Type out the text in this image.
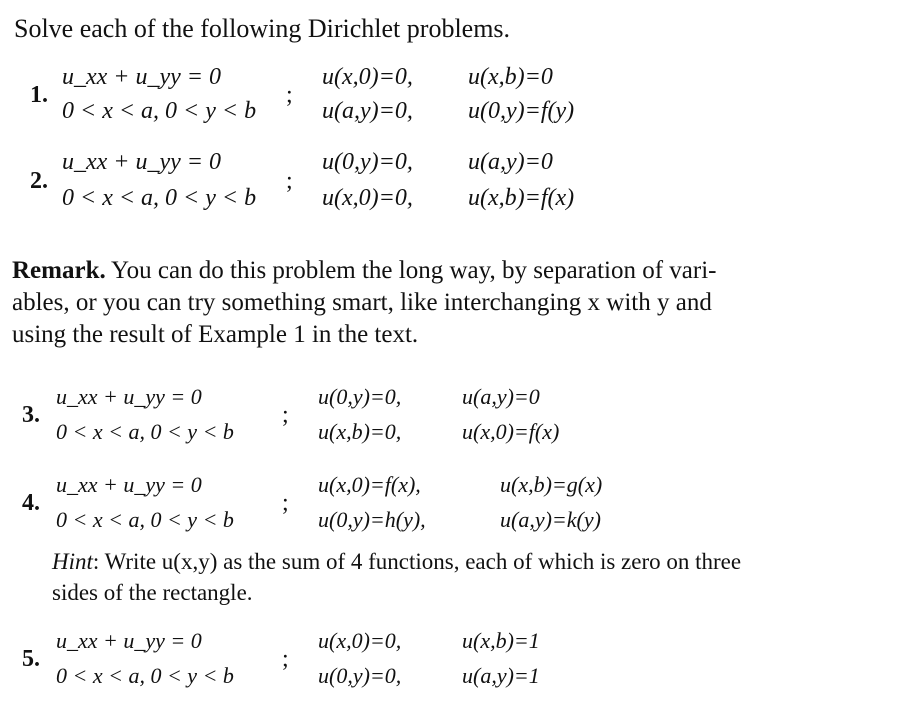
Solve each of the following Dirichlet problems.
1.
u_xx + u_yy = 0
0 < x < a, 0 < y < b
;
u(x,0)=0, u(x,b)=0
u(a,y)=0, u(0,y)=f(y)
2.
u_xx + u_yy = 0
0 < x < a, 0 < y < b
;
u(0,y)=0, u(a,y)=0
u(x,0)=0, u(x,b)=f(x)
Remark. You can do this problem the long way, by separation of vari-
ables, or you can try something smart, like interchanging x with y and
using the result of Example 1 in the text.
3.
u_xx + u_yy = 0
0 < x < a, 0 < y < b
;
u(0,y)=0,	u(a,y)=0
u(x,b)=0,	u(x,0)=f(x)
4.
u_xx + u_yy = 0
0 < x < a, 0 < y < b
;
u(x,0)=f(x),	u(x,b)=g(x)
u(0,y)=h(y),	u(a,y)=k(y)
Hint: Write u(x,y) as the sum of 4 functions, each of which is zero on three
sides of the rectangle.
5.
u_xx + u_yy = 0
0 < x < a, 0 < y < b
;
u(x,0)=0,	u(x,b)=1
u(0,y)=0,	u(a,y)=1
